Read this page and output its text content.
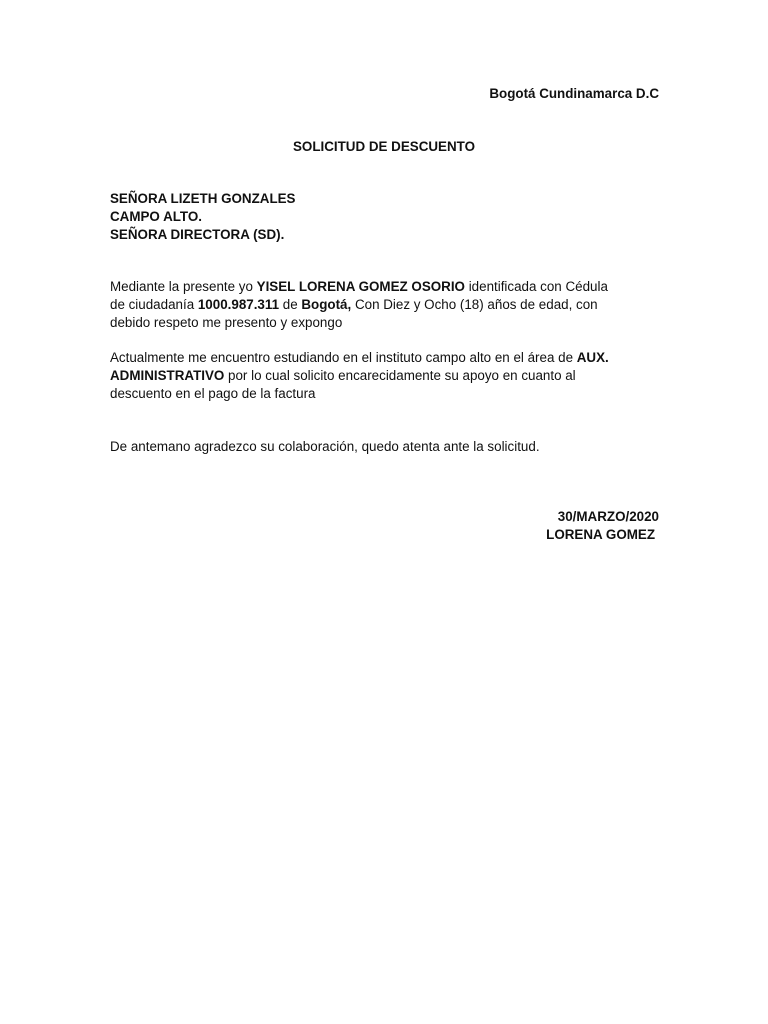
Bogotá Cundinamarca D.C
SOLICITUD DE DESCUENTO
SEÑORA LIZETH GONZALES
CAMPO ALTO.
SEÑORA DIRECTORA (SD).
Mediante la presente yo YISEL LORENA GOMEZ OSORIO identificada con Cédula
de ciudadanía 1000.987.311 de Bogotá, Con Diez y Ocho (18) años de edad, con
debido respeto me presento y expongo
Actualmente me encuentro estudiando en el instituto campo alto en el área de AUX.
ADMINISTRATIVO por lo cual solicito encarecidamente su apoyo en cuanto al
descuento en el pago de la factura
De antemano agradezco su colaboración, quedo atenta ante la solicitud.
30/MARZO/2020
LORENA GOMEZ
